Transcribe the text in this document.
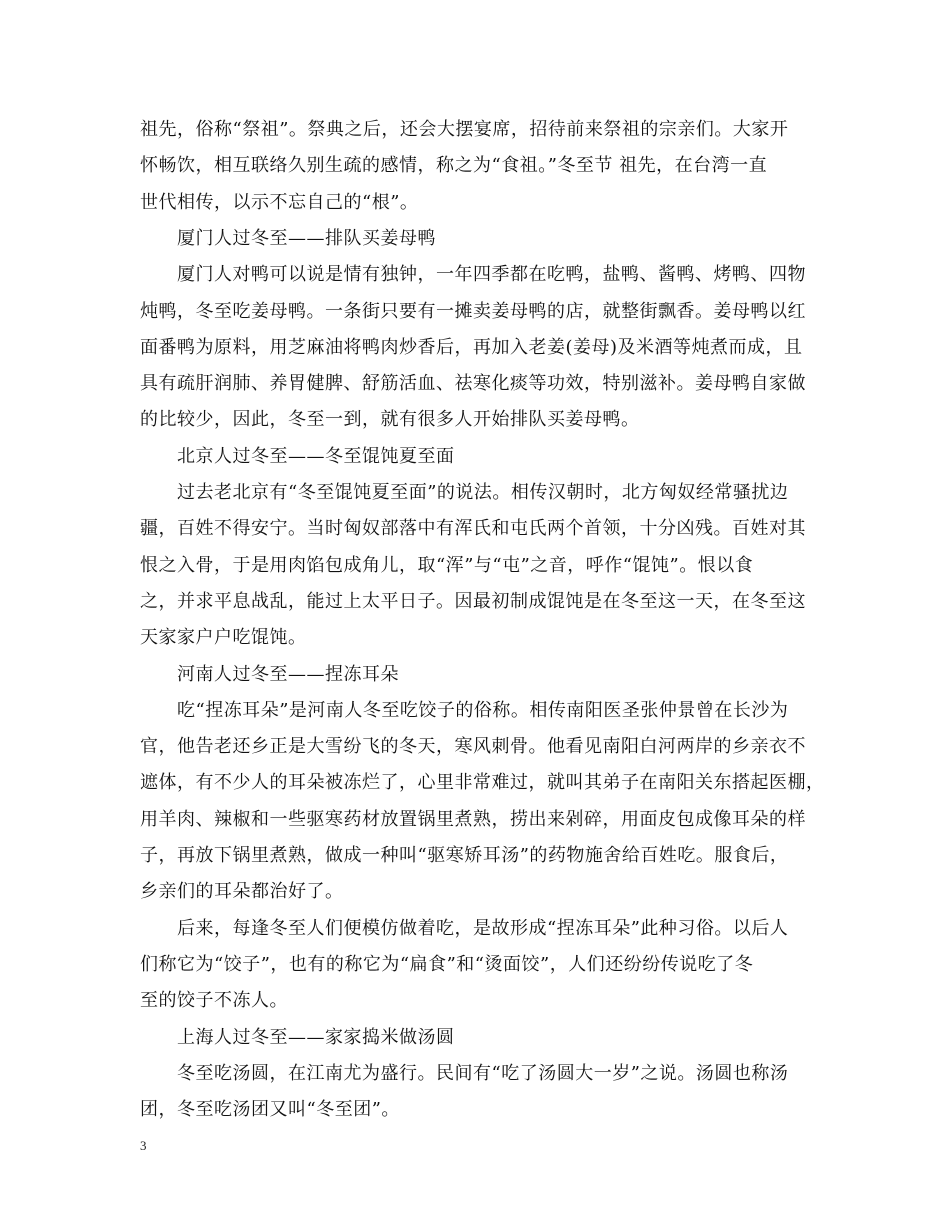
祖先，俗称“祭祖”。祭典之后，还会大摆宴席，招待前来祭祖的宗亲们。大家开
怀畅饮，相互联络久别生疏的感情，称之为“食祖。”冬至节 祖先，在台湾一直
世代相传，以示不忘自己的“根”。
厦门人过冬至——排队买姜母鸭
厦门人对鸭可以说是情有独钟，一年四季都在吃鸭，盐鸭、酱鸭、烤鸭、四物
炖鸭，冬至吃姜母鸭。一条街只要有一摊卖姜母鸭的店，就整街飘香。姜母鸭以红
面番鸭为原料，用芝麻油将鸭肉炒香后，再加入老姜(姜母)及米酒等炖煮而成，且
具有疏肝润肺、养胃健脾、舒筋活血、祛寒化痰等功效，特别滋补。姜母鸭自家做
的比较少，因此，冬至一到，就有很多人开始排队买姜母鸭。
北京人过冬至——冬至馄饨夏至面
过去老北京有“冬至馄饨夏至面”的说法。相传汉朝时，北方匈奴经常骚扰边
疆，百姓不得安宁。当时匈奴部落中有浑氏和屯氏两个首领，十分凶残。百姓对其
恨之入骨，于是用肉馅包成角儿，取“浑”与“屯”之音，呼作“馄饨”。恨以食
之，并求平息战乱，能过上太平日子。因最初制成馄饨是在冬至这一天，在冬至这
天家家户户吃馄饨。
河南人过冬至——捏冻耳朵
吃“捏冻耳朵”是河南人冬至吃饺子的俗称。相传南阳医圣张仲景曾在长沙为
官，他告老还乡正是大雪纷飞的冬天，寒风刺骨。他看见南阳白河两岸的乡亲衣不
遮体，有不少人的耳朵被冻烂了，心里非常难过，就叫其弟子在南阳关东搭起医棚，
用羊肉、辣椒和一些驱寒药材放置锅里煮熟，捞出来剁碎，用面皮包成像耳朵的样
子，再放下锅里煮熟，做成一种叫“驱寒矫耳汤”的药物施舍给百姓吃。服食后，
乡亲们的耳朵都治好了。
后来，每逢冬至人们便模仿做着吃，是故形成“捏冻耳朵”此种习俗。以后人
们称它为“饺子”，也有的称它为“扁食”和“烫面饺”，人们还纷纷传说吃了冬
至的饺子不冻人。
上海人过冬至——家家捣米做汤圆
冬至吃汤圆，在江南尤为盛行。民间有“吃了汤圆大一岁”之说。汤圆也称汤
团，冬至吃汤团又叫“冬至团”。
3
